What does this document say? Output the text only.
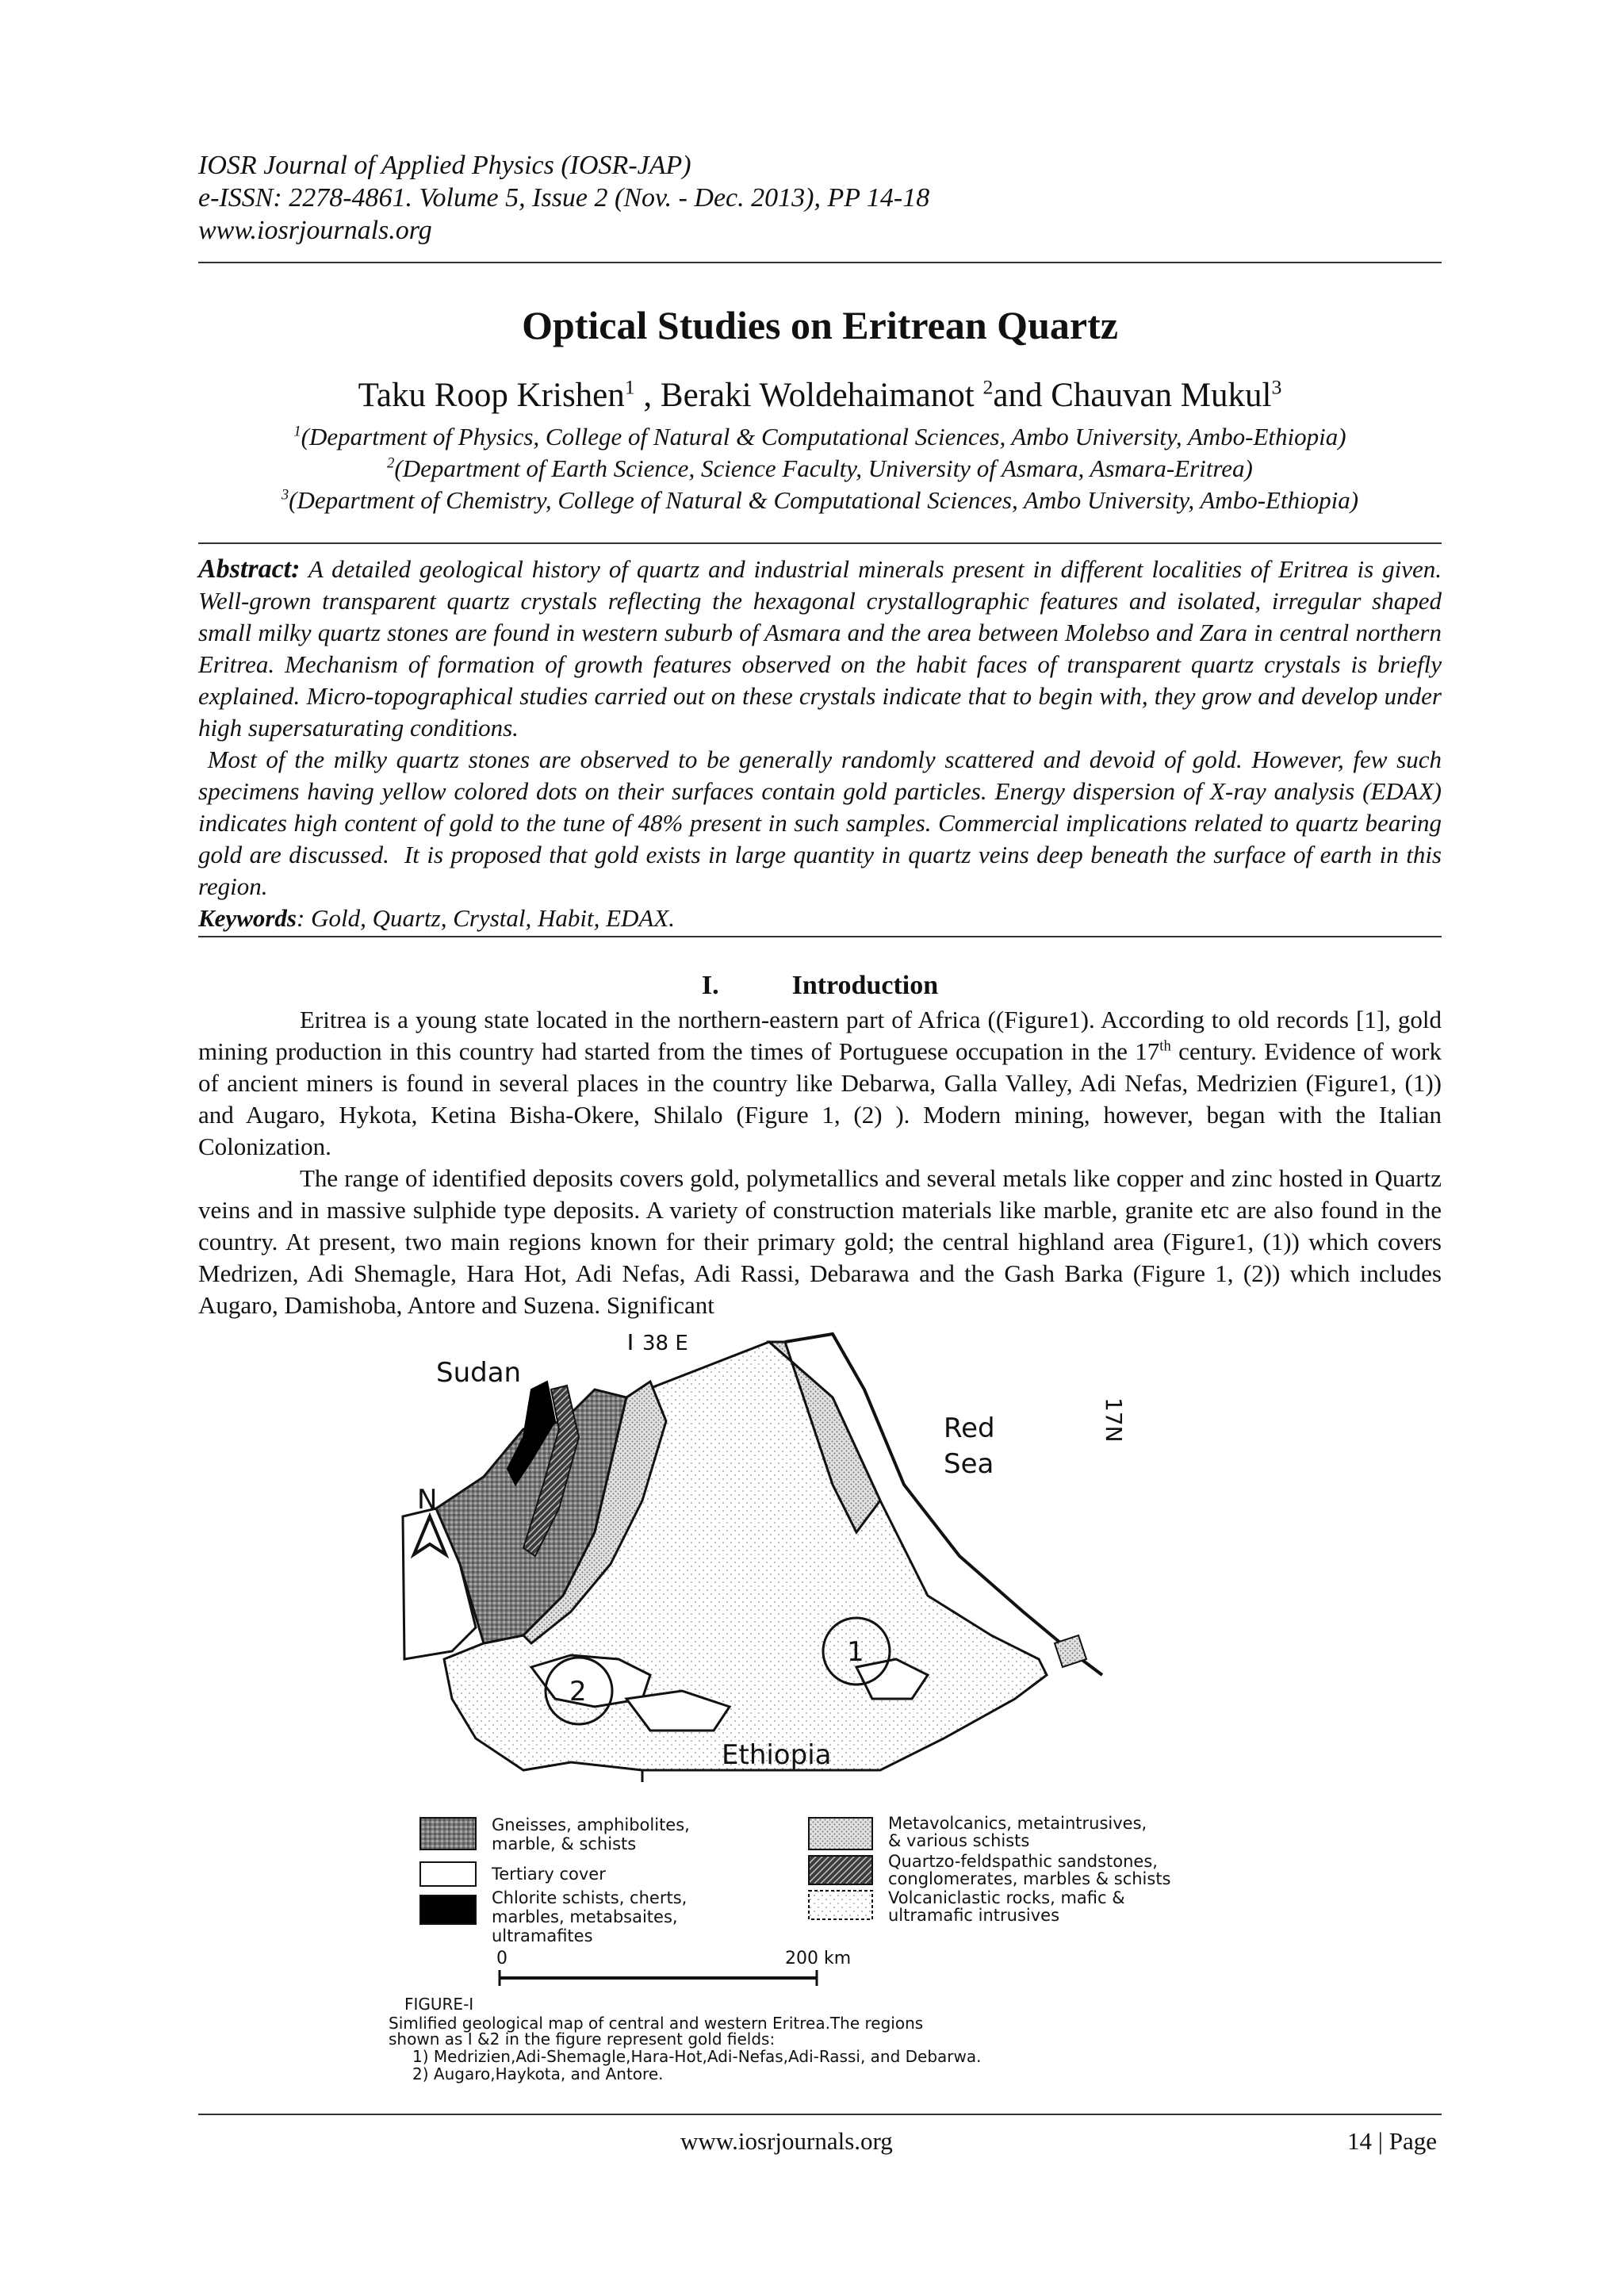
IOSR Journal of Applied Physics (IOSR-JAP)
e-ISSN: 2278-4861. Volume 5, Issue 2 (Nov. - Dec. 2013), PP 14-18
www.iosrjournals.org
Optical Studies on Eritrean Quartz
Taku Roop Krishen$^1$ , Beraki Woldehaimanot $^2$and Chauvan Mukul$^3$
$^1$(Department of Physics, College of Natural & Computational Sciences, Ambo University, Ambo-Ethiopia)
$^2$(Department of Earth Science, Science Faculty, University of Asmara, Asmara-Eritrea)
$^3$(Department of Chemistry, College of Natural & Computational Sciences, Ambo University, Ambo-Ethiopia)

Abstract: A detailed geological history of quartz and industrial minerals present in different localities of Eritrea is given. Well-grown transparent quartz crystals reflecting the hexagonal crystallographic features and isolated, irregular shaped small milky quartz stones are found in western suburb of Asmara and the area between Molebso and Zara in central northern Eritrea. Mechanism of formation of growth features observed on the habit faces of transparent quartz crystals is briefly explained. Micro-topographical studies carried out on these crystals indicate that to begin with, they grow and develop under high supersaturating conditions.

Most of the milky quartz stones are observed to be generally randomly scattered and devoid of gold. However, few such specimens having yellow colored dots on their surfaces contain gold particles. Energy dispersion of X-ray analysis (EDAX) indicates high content of gold to the tune of 48% present in such samples. Commercial implications related to quartz bearing gold are discussed.  It is proposed that gold exists in large quantity in quartz veins deep beneath the surface of earth in this region.

Keywords: Gold, Quartz, Crystal, Habit, EDAX.

I.	Introduction

Eritrea is a young state located in the northern-eastern part of Africa ((Figure1). According to old records [1], gold mining production in this country had started from the times of Portuguese occupation in the 17th century. Evidence of work of ancient miners is found in several places in the country like Debarwa, Galla Valley, Adi Nefas, Medrizien (Figure1, (1)) and Augaro, Hykota, Ketina Bisha-Okere, Shilalo (Figure 1, (2) ). Modern mining, however, began with the Italian Colonization.

The range of identified deposits covers gold, polymetallics and several metals like copper and zinc hosted in Quartz veins and in massive sulphide type deposits. A variety of construction materials like marble, granite etc are also found in the country. At present, two main regions known for their primary gold; the central highland area (Figure1, (1)) which covers Medrizen, Adi Shemagle, Hara Hot, Adi Nefas, Adi Rassi, Debarawa and the Gash Barka (Figure 1, (2)) which includes Augaro, Damishoba, Antore and Suzena. Significant

Sudan
38 E
Red
Sea
17N
N
1
2
Ethiopia
Gneisses, amphibolites,
marble, & schists
Tertiary cover
Chlorite schists, cherts,
marbles, metabsaites,
ultramafites
Metavolcanics, metaintrusives,
& various schists
Quartzo-feldspathic sandstones,
conglomerates, marbles & schists
Volcaniclastic rocks, mafic &
ultramafic intrusives
0	200 km
FIGURE-I
Simlified geological map of central and western Eritrea.The regions
shown as I &2 in the figure represent gold fields:
1) Medrizien,Adi-Shemagle,Hara-Hot,Adi-Nefas,Adi-Rassi, and Debarwa.
2) Augaro,Haykota, and Antore.
www.iosrjournals.org	14 | Page
